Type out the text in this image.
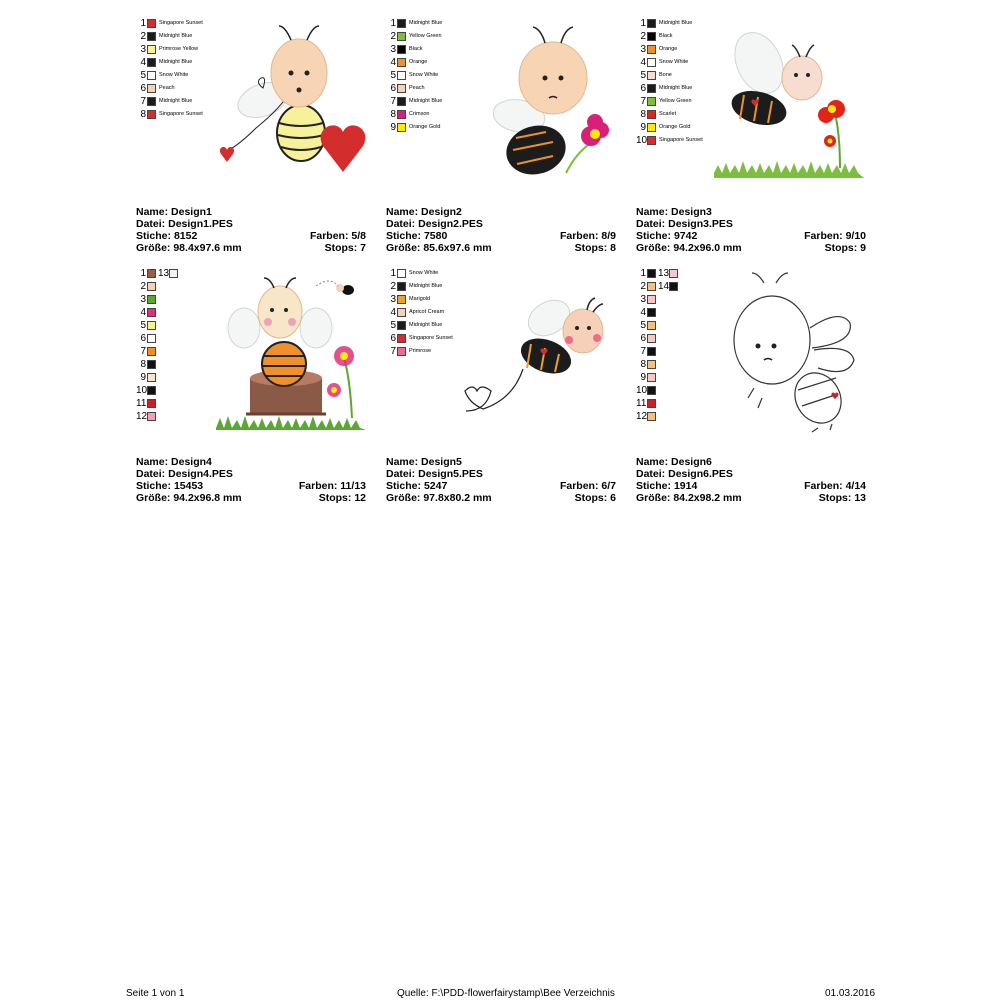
1 Singapore Sunset
2 Midnight Blue
3 Primrose Yellow
4 Midnight Blue
5 Snow White
6 Peach
7 Midnight Blue
8 Singapore Sunset
Name: Design1
Datei: Design1.PES
Stiche: 8152	Farben: 5/8
Größe: 98.4x97.6 mm	Stops: 7
1 Midnight Blue
2 Yellow Green
3 Black
4 Orange
5 Snow White
6 Peach
7 Midnight Blue
8 Crimson
9 Orange Gold
Name: Design2
Datei: Design2.PES
Stiche: 7580	Farben: 8/9
Größe: 85.6x97.6 mm	Stops: 8
1 Midnight Blue
2 Black
3 Orange
4 Snow White
5 Bone
6 Midnight Blue
7 Yellow Green
8 Scarlet
9 Orange Gold
10 Singapore Sunset
Name: Design3
Datei: Design3.PES
Stiche: 9742	Farben: 9/10
Größe: 94.2x96.0 mm	Stops: 9
1
2
3
4
5
6
7
8
9
10
11
12
13
Name: Design4
Datei: Design4.PES
Stiche: 15453	Farben: 11/13
Größe: 94.2x96.8 mm	Stops: 12
1 Snow White
2 Midnight Blue
3 Marigold
4 Apricot Cream
5 Midnight Blue
6 Singapore Sunset
7 Primrose
Name: Design5
Datei: Design5.PES
Stiche: 5247	Farben: 6/7
Größe: 97.8x80.2 mm	Stops: 6
1
2
3
4
5
6
7
8
9
10
11
12
13
14
Name: Design6
Datei: Design6.PES
Stiche: 1914	Farben: 4/14
Größe: 84.2x98.2 mm	Stops: 13
Seite 1 von 1	Quelle: F:\PDD-flowerfairystamp\Bee Verzeichnis	01.03.2016
